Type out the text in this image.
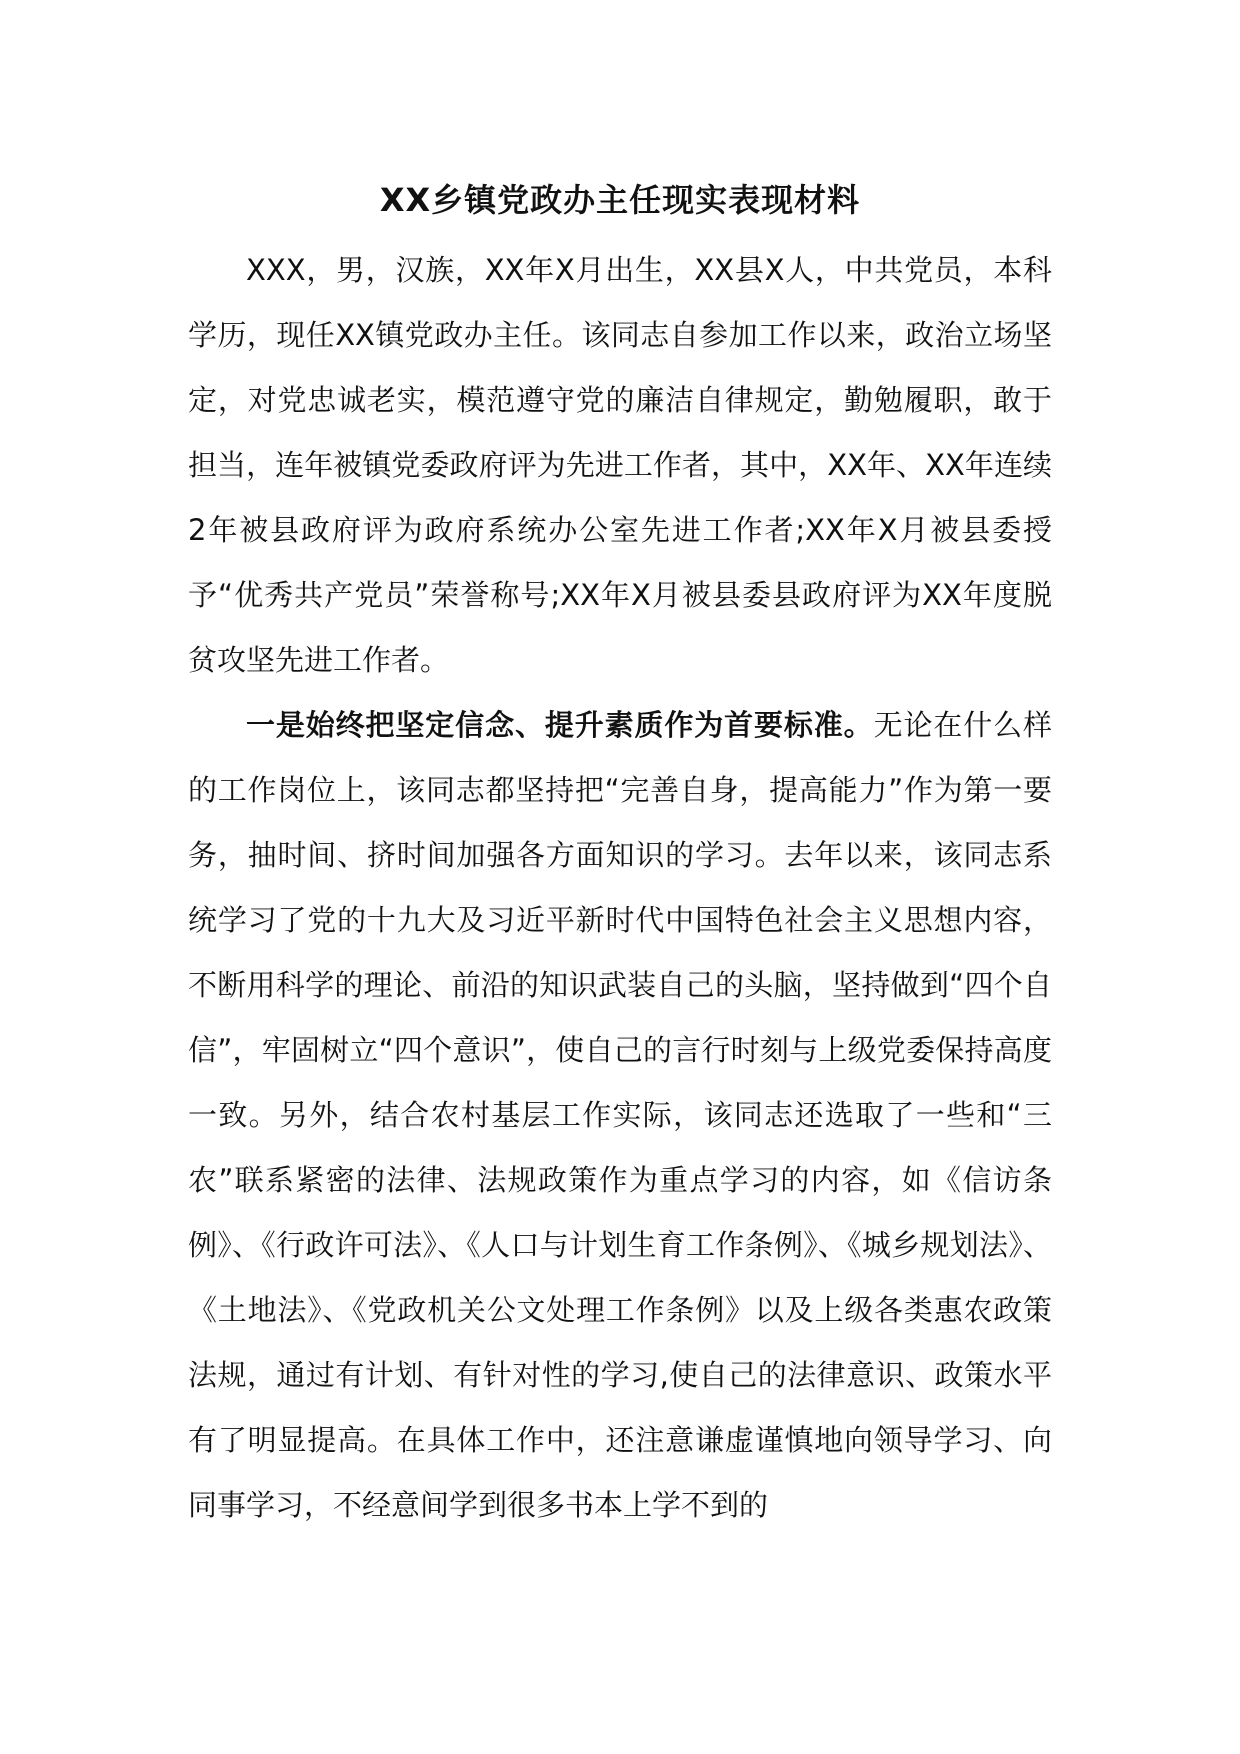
XX乡镇党政办主任现实表现材料

XXX，男，汉族，XX年X月出生，XX县X人，中共党员，本科学历，现任XX镇党政办主任。该同志自参加工作以来，政治立场坚定，对党忠诚老实，模范遵守党的廉洁自律规定，勤勉履职，敢于担当，连年被镇党委政府评为先进工作者，其中，XX年、XX年连续2年被县政府评为政府系统办公室先进工作者;XX年X月被县委授予“优秀共产党员”荣誉称号;XX年X月被县委县政府评为XX年度脱贫攻坚先进工作者。

一是始终把坚定信念、提升素质作为首要标准。无论在什么样的工作岗位上，该同志都坚持把“完善自身，提高能力”作为第一要务，抽时间、挤时间加强各方面知识的学习。去年以来，该同志系统学习了党的十九大及习近平新时代中国特色社会主义思想内容，不断用科学的理论、前沿的知识武装自己的头脑，坚持做到“四个自信”，牢固树立“四个意识”，使自己的言行时刻与上级党委保持高度一致。另外，结合农村基层工作实际，该同志还选取了一些和“三农”联系紧密的法律、法规政策作为重点学习的内容，如《信访条例》、《行政许可法》、《人口与计划生育工作条例》、《城乡规划法》、《土地法》、《党政机关公文处理工作条例》以及上级各类惠农政策法规，通过有计划、有针对性的学习,使自己的法律意识、政策水平有了明显提高。在具体工作中，还注意谦虚谨慎地向领导学习、向同事学习，不经意间学到很多书本上学不到的
